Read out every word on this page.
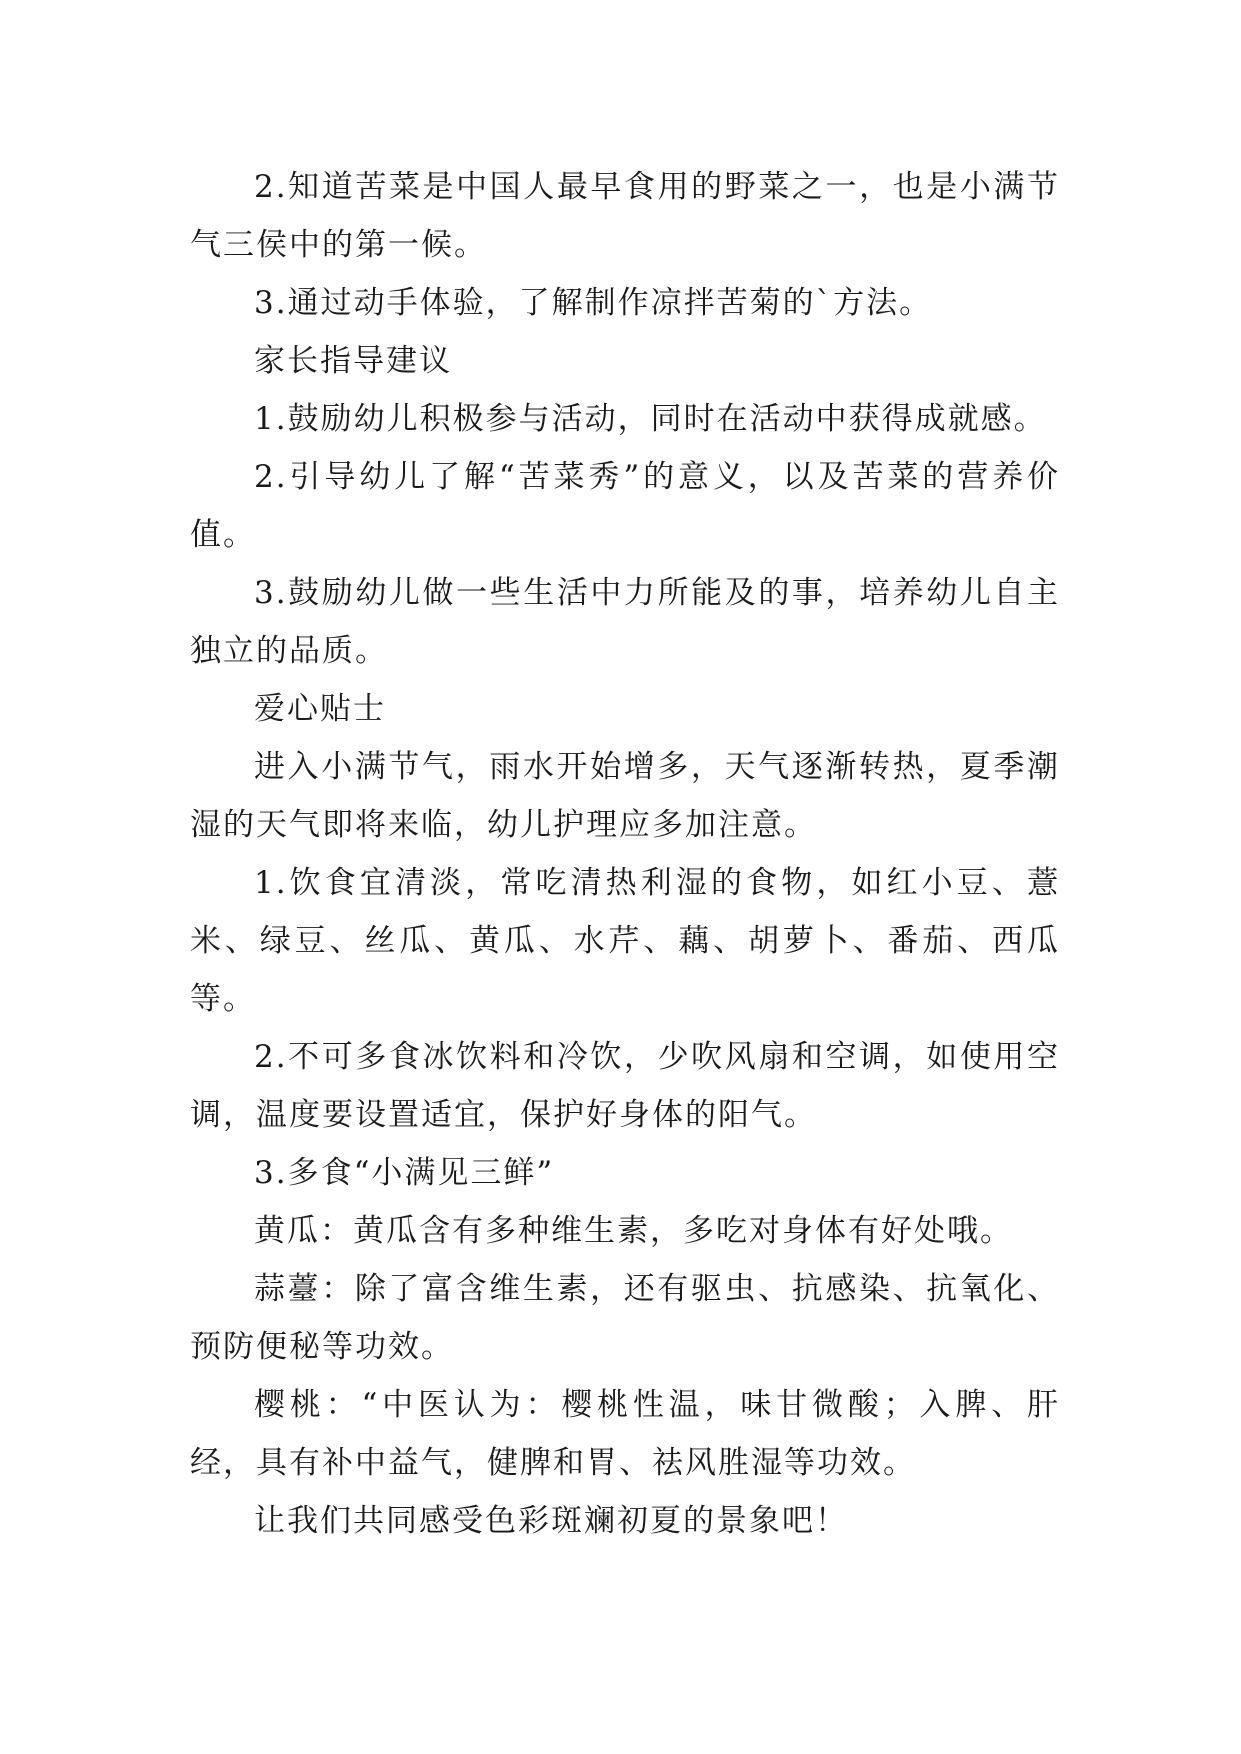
2.知道苦菜是中国人最早食用的野菜之一，也是小满节气三侯中的第一候。

3.通过动手体验，了解制作凉拌苦菊的`方法。

家长指导建议

1.鼓励幼儿积极参与活动，同时在活动中获得成就感。

2.引导幼儿了解“苦菜秀”的意义，以及苦菜的营养价值。

3.鼓励幼儿做一些生活中力所能及的事，培养幼儿自主独立的品质。

爱心贴士

进入小满节气，雨水开始增多，天气逐渐转热，夏季潮湿的天气即将来临，幼儿护理应多加注意。

1.饮食宜清淡，常吃清热利湿的食物，如红小豆、薏米、绿豆、丝瓜、黄瓜、水芹、藕、胡萝卜、番茄、西瓜等。

2.不可多食冰饮料和冷饮，少吹风扇和空调，如使用空调，温度要设置适宜，保护好身体的阳气。

3.多食“小满见三鲜”

黄瓜：黄瓜含有多种维生素，多吃对身体有好处哦。

蒜薹：除了富含维生素，还有驱虫、抗感染、抗氧化、预防便秘等功效。

樱桃：“中医认为：樱桃性温，味甘微酸；入脾、肝经，具有补中益气，健脾和胃、祛风胜湿等功效。

让我们共同感受色彩斑斓初夏的景象吧！
